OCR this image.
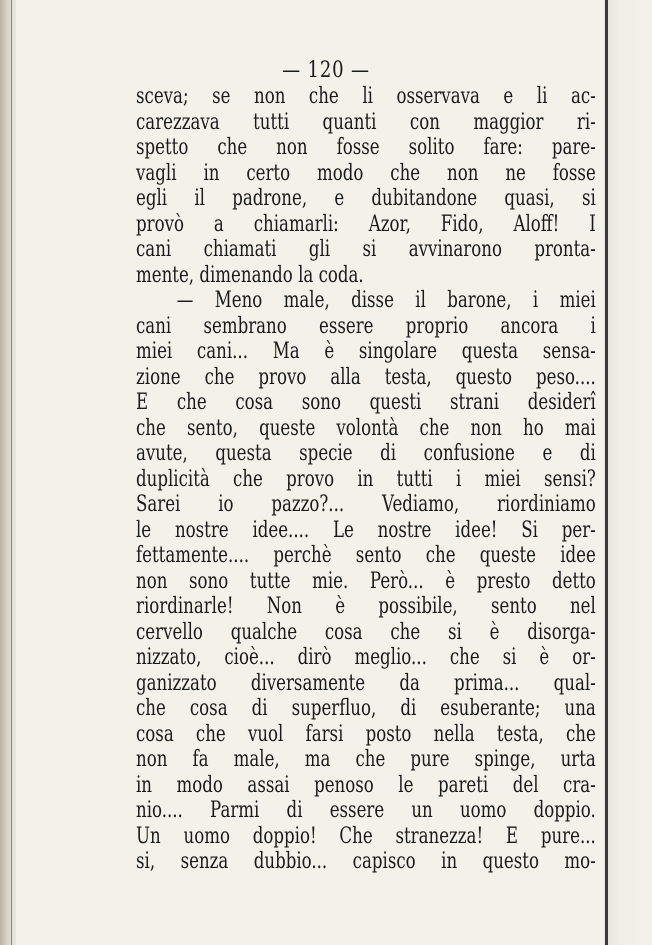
— 120 —
sceva; se non che li osservava e li ac-
carezzava tutti quanti con maggior ri-
spetto che non fosse solito fare: pare-
vagli in certo modo che non ne fosse
egli il padrone, e dubitandone quasi, si
provò a chiamarli: Azor, Fido, Aloff! I
cani chiamati gli si avvinarono pronta-
mente, dimenando la coda.
— Meno male, disse il barone, i miei
cani sembrano essere proprio ancora i
miei cani... Ma è singolare questa sensa-
zione che provo alla testa, questo peso....
E che cosa sono questi strani desiderî
che sento, queste volontà che non ho mai
avute, questa specie di confusione e di
duplicità che provo in tutti i miei sensi?
Sarei io pazzo?... Vediamo, riordiniamo
le nostre idee.... Le nostre idee! Si per-
fettamente.... perchè sento che queste idee
non sono tutte mie. Però... è presto detto
riordinarle! Non è possibile, sento nel
cervello qualche cosa che si è disorga-
nizzato, cioè... dirò meglio... che si è or-
ganizzato diversamente da prima... qual-
che cosa di superfluo, di esuberante; una
cosa che vuol farsi posto nella testa, che
non fa male, ma che pure spinge, urta
in modo assai penoso le pareti del cra-
nio.... Parmi di essere un uomo doppio.
Un uomo doppio! Che stranezza! E pure...
si, senza dubbio... capisco in questo mo-
